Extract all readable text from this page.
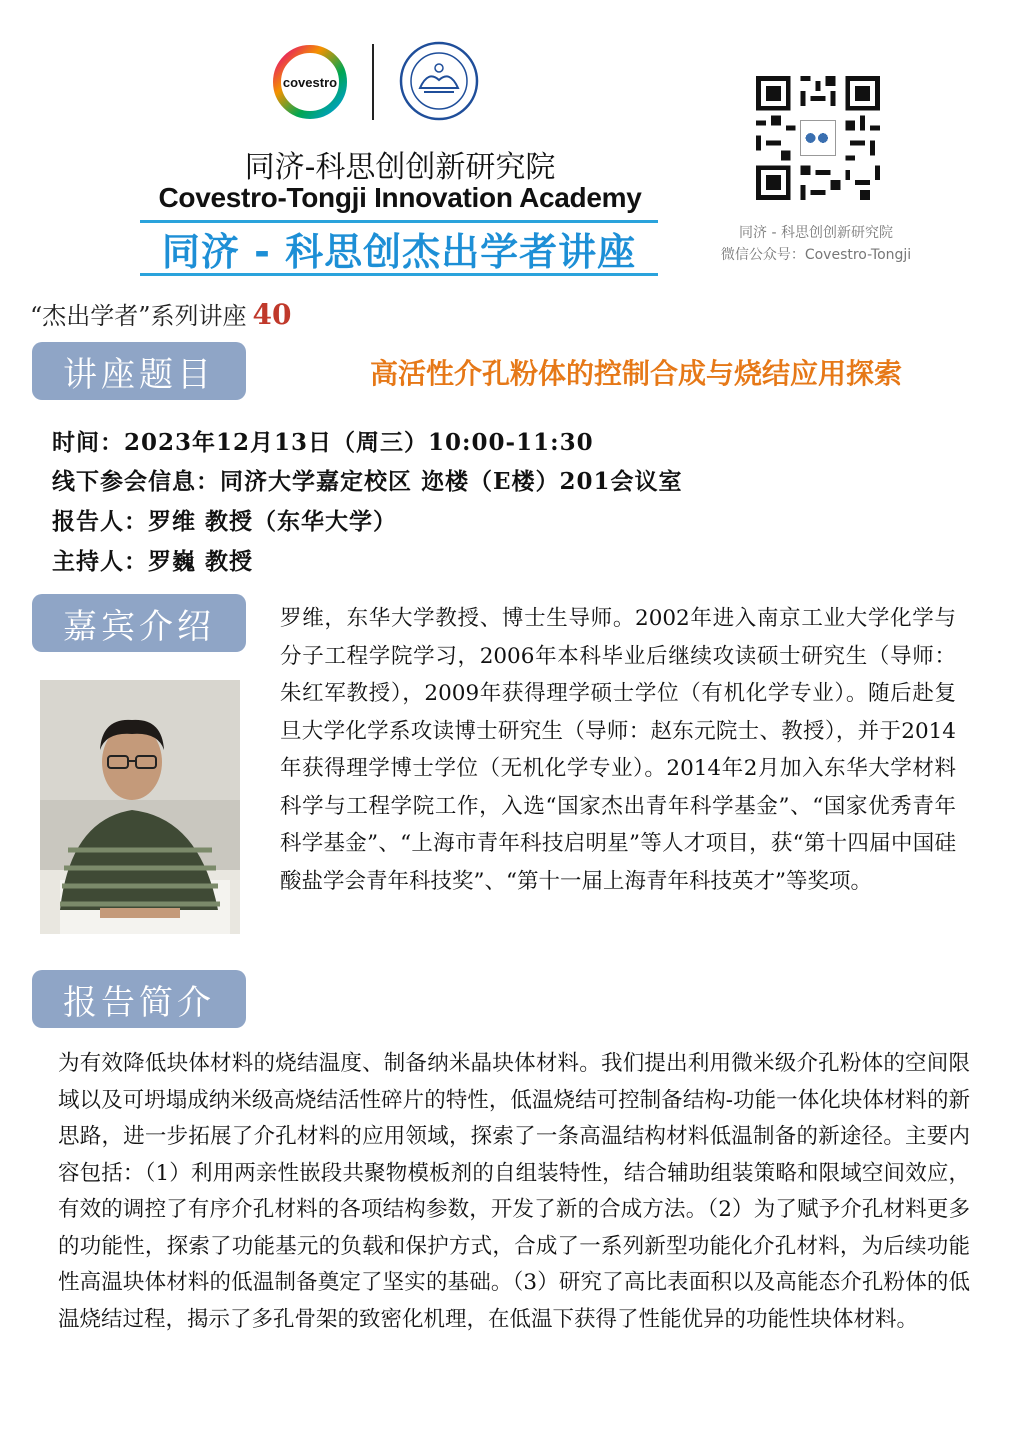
covestro
同济-科思创创新研究院
Covestro-Tongji Innovation Academy
同济 - 科思创杰出学者讲座	同济 - 科思创创新研究院
微信公众号：Covestro-Tongji
“杰出学者”系列讲座 40
讲座题目	高活性介孔粉体的控制合成与烧结应用探索
时间：2023年12月13日（周三）10:00-11:30
线下参会信息：同济大学嘉定校区 迩楼（E楼）201会议室
报告人：罗维 教授（东华大学）
主持人：罗巍 教授
嘉宾介绍	罗维，东华大学教授、博士生导师。2002年进入南京工业大学化学与分子工程学院学习，2006年本科毕业后继续攻读硕士研究生（导师：朱红军教授），2009年获得理学硕士学位（有机化学专业）。随后赴复旦大学化学系攻读博士研究生（导师：赵东元院士、教授），并于2014年获得理学博士学位（无机化学专业）。2014年2月加入东华大学材料科学与工程学院工作，入选“国家杰出青年科学基金”、“国家优秀青年科学基金”、“上海市青年科技启明星”等人才项目，获“第十四届中国硅酸盐学会青年科技奖”、“第十一届上海青年科技英才”等奖项。
报告简介
为有效降低块体材料的烧结温度、制备纳米晶块体材料。我们提出利用微米级介孔粉体的空间限域以及可坍塌成纳米级高烧结活性碎片的特性，低温烧结可控制备结构-功能一体化块体材料的新思路，进一步拓展了介孔材料的应用领域，探索了一条高温结构材料低温制备的新途径。主要内容包括：（1）利用两亲性嵌段共聚物模板剂的自组装特性，结合辅助组装策略和限域空间效应，有效的调控了有序介孔材料的各项结构参数，开发了新的合成方法。（2）为了赋予介孔材料更多的功能性，探索了功能基元的负载和保护方式，合成了一系列新型功能化介孔材料，为后续功能性高温块体材料的低温制备奠定了坚实的基础。（3）研究了高比表面积以及高能态介孔粉体的低温烧结过程，揭示了多孔骨架的致密化机理，在低温下获得了性能优异的功能性块体材料。
